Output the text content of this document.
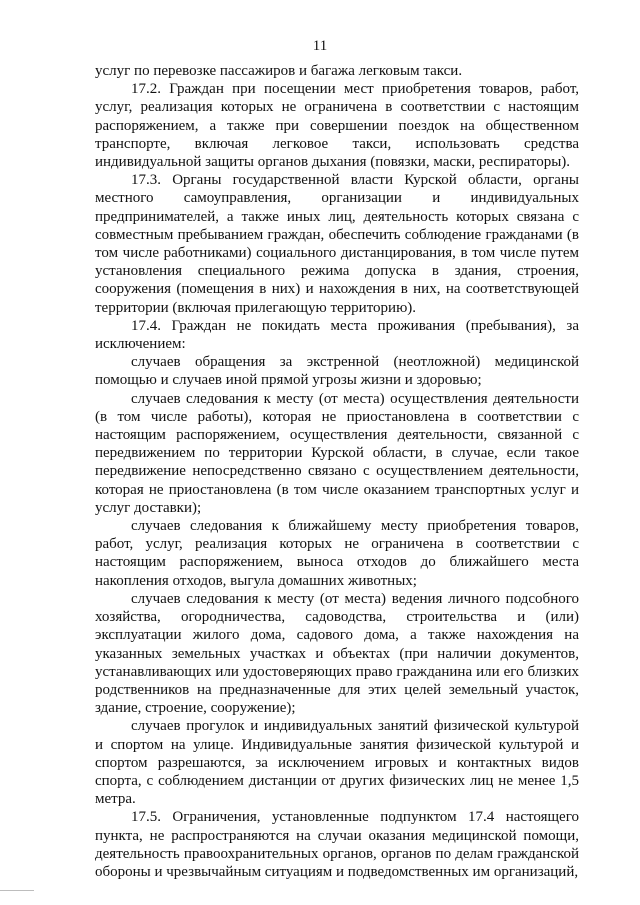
11

услуг по перевозке пассажиров и багажа легковым такси.

17.2. Граждан при посещении мест приобретения товаров, работ, услуг, реализация которых не ограничена в соответствии с настоящим распоряжением, а также при совершении поездок на общественном транспорте, включая легковое такси, использовать средства индивидуальной защиты органов дыхания (повязки, маски, респираторы).

17.3. Органы государственной власти Курской области, органы местного самоуправления, организации и индивидуальных предпринимателей, а также иных лиц, деятельность которых связана с совместным пребыванием граждан, обеспечить соблюдение гражданами (в том числе работниками) социального дистанцирования, в том числе путем установления специального режима допуска в здания, строения, сооружения (помещения в них) и нахождения в них, на соответствующей территории (включая прилегающую территорию).

17.4. Граждан не покидать места проживания (пребывания), за исключением:

случаев обращения за экстренной (неотложной) медицинской помощью и случаев иной прямой угрозы жизни и здоровью;

случаев следования к месту (от места) осуществления деятельности (в том числе работы), которая не приостановлена в соответствии с настоящим распоряжением, осуществления деятельности, связанной с передвижением по территории Курской области, в случае, если такое передвижение непосредственно связано с осуществлением деятельности, которая не приостановлена (в том числе оказанием транспортных услуг и услуг доставки);

случаев следования к ближайшему месту приобретения товаров, работ, услуг, реализация которых не ограничена в соответствии с настоящим распоряжением, выноса отходов до ближайшего места накопления отходов, выгула домашних животных;

случаев следования к месту (от места) ведения личного подсобного хозяйства, огородничества, садоводства, строительства и (или) эксплуатации жилого дома, садового дома, а также нахождения на указанных земельных участках и объектах (при наличии документов, устанавливающих или удостоверяющих право гражданина или его близких родственников на предназначенные для этих целей земельный участок, здание, строение, сооружение);

случаев прогулок и индивидуальных занятий физической культурой и спортом на улице. Индивидуальные занятия физической культурой и спортом разрешаются, за исключением игровых и контактных видов спорта, с соблюдением дистанции от других физических лиц не менее 1,5 метра.

17.5. Ограничения, установленные подпунктом 17.4 настоящего пункта, не распространяются на случаи оказания медицинской помощи, деятельность правоохранительных органов, органов по делам гражданской обороны и чрезвычайным ситуациям и подведомственных им организаций,
